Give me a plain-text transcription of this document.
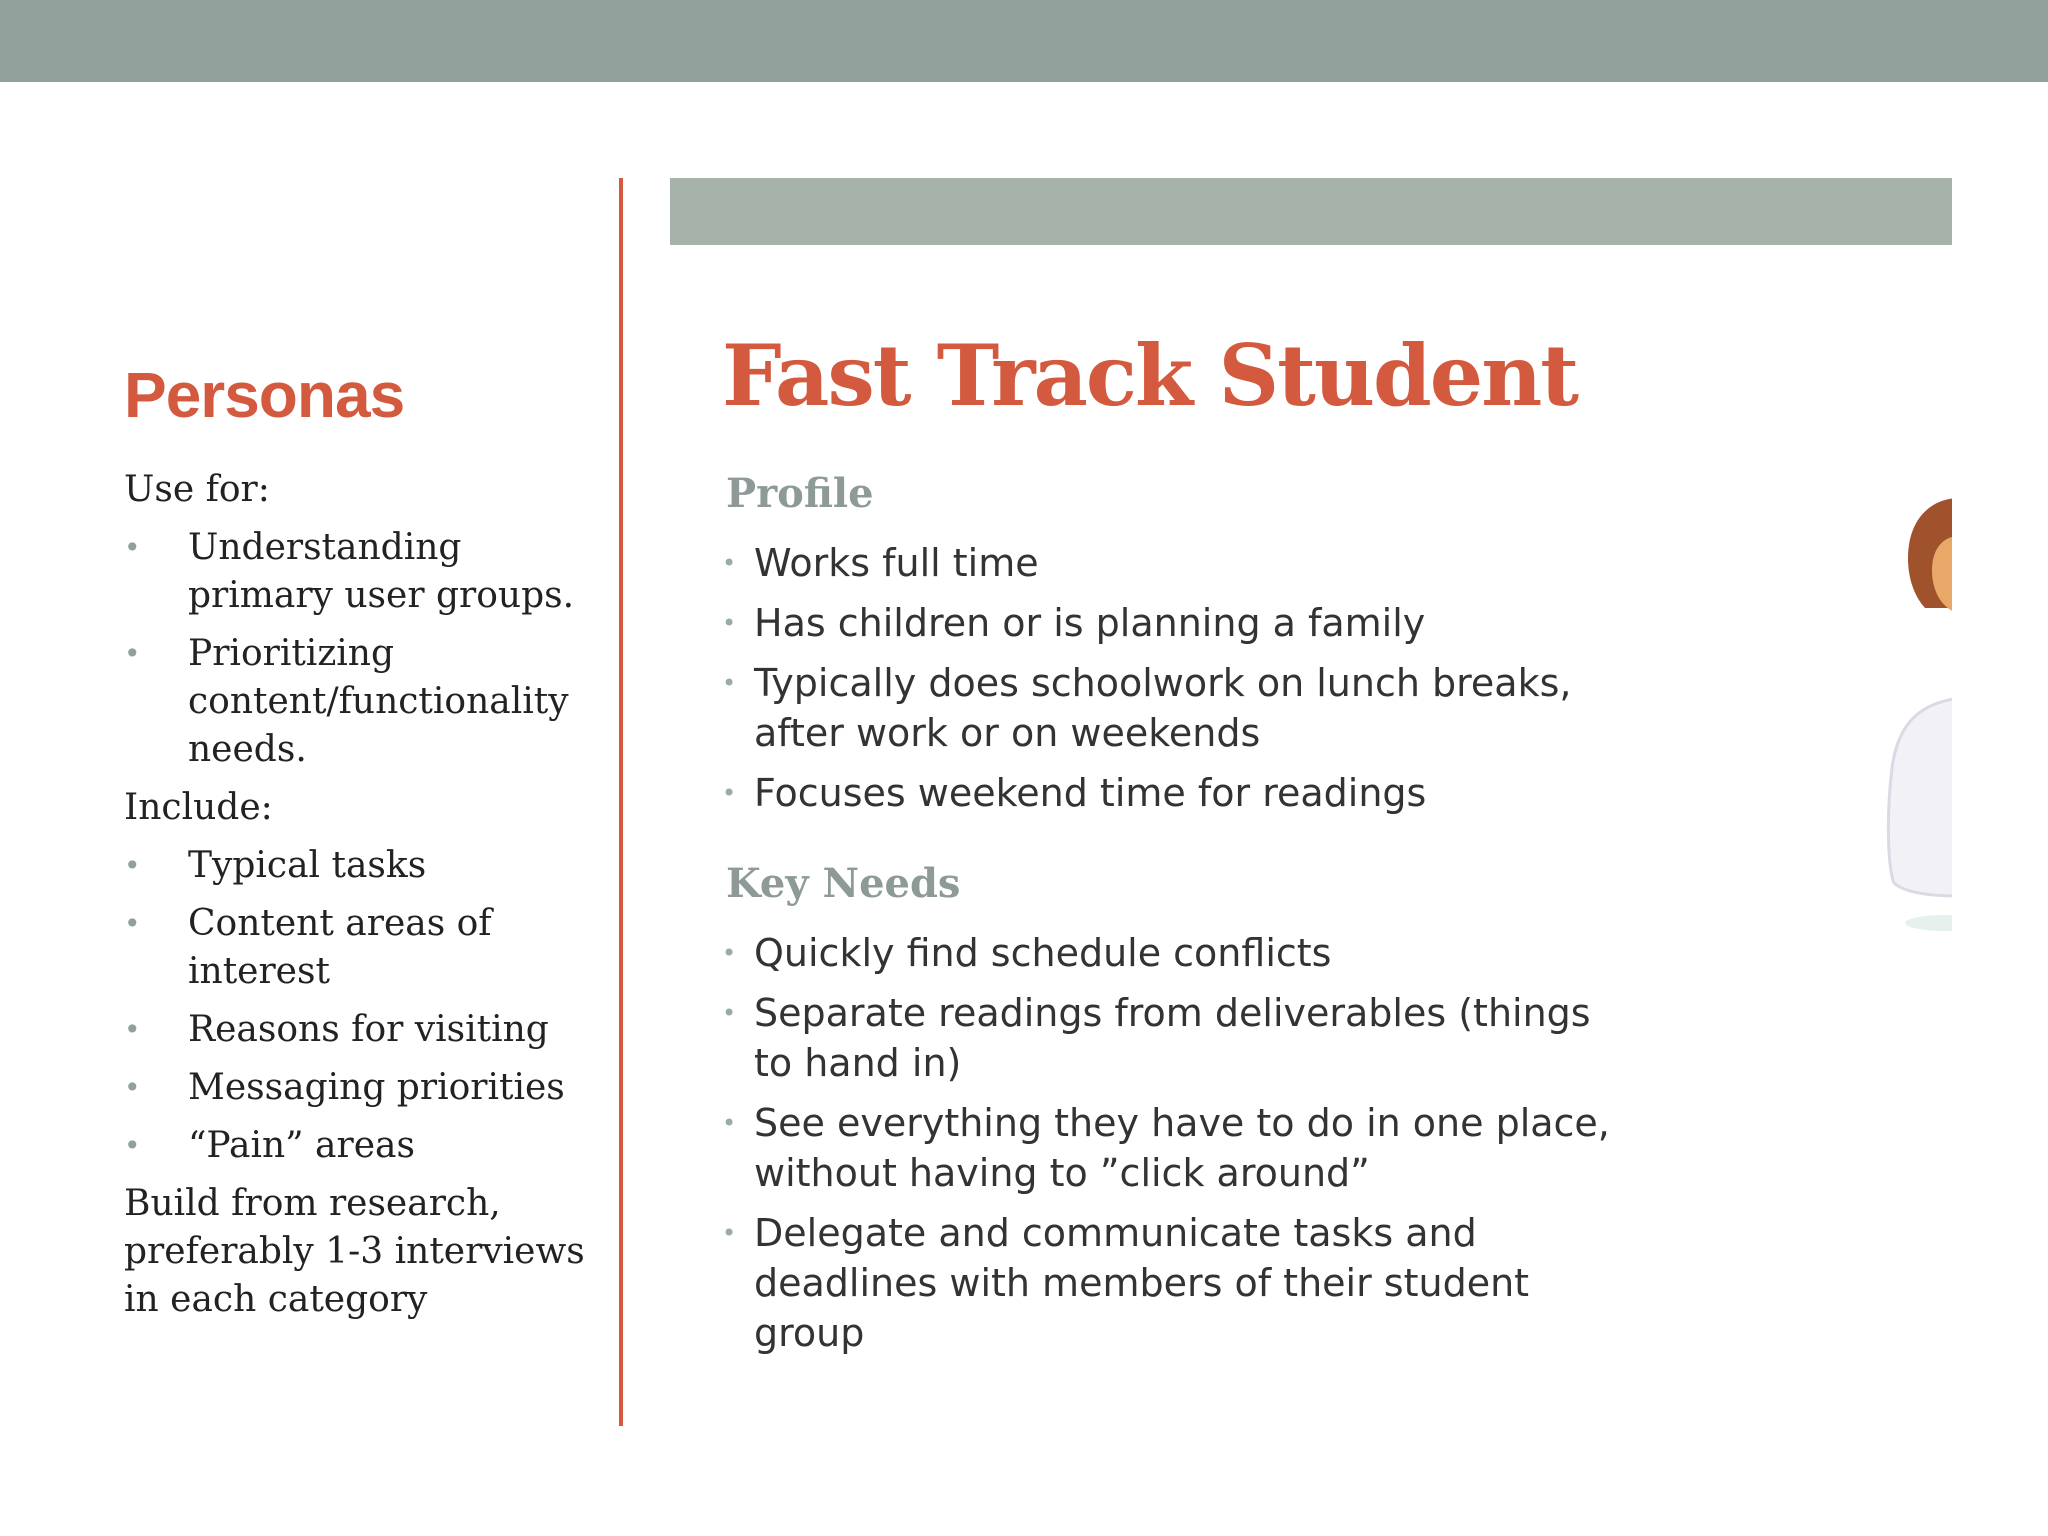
Personas

Use for:

• Understanding primary user groups.
• Prioritizing content/functionality needs.

Include:

• Typical tasks
• Content areas of interest
• Reasons for visiting
• Messaging priorities
• “Pain” areas

Build from research, preferably 1-3 interviews in each category

Fast Track Student
Profile
• Works full time
• Has children or is planning a family
• Typically does schoolwork on lunch breaks, after work or on weekends
• Focuses weekend time for readings
Key Needs
• Quickly find schedule conflicts
• Separate readings from deliverables (things to hand in)
• See everything they have to do in one place, without having to ”click around”
• Delegate and communicate tasks and deadlines with members of their student group
